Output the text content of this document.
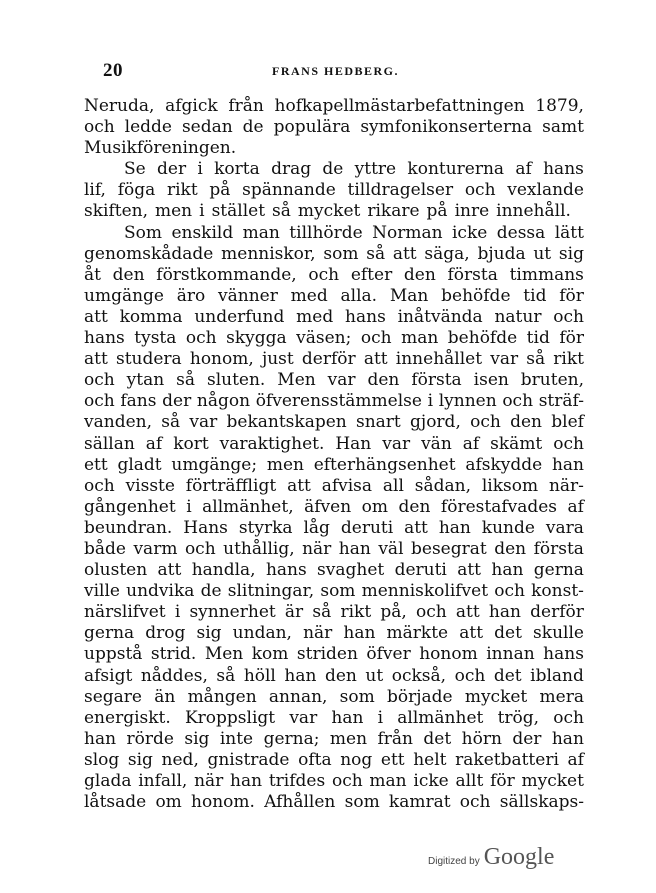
20	FRANS HEDBERG.
Neruda, afgick från hofkapellmästarbefattningen 1879,
och ledde sedan de populära symfonikonserterna samt
Musikföreningen.
Se der i korta drag de yttre konturerna af hans
lif, föga rikt på spännande tilldragelser och vexlande
skiften, men i stället så mycket rikare på inre innehåll.
Som enskild man tillhörde Norman icke dessa lätt
genomskådade menniskor, som så att säga, bjuda ut sig
åt den förstkommande, och efter den första timmans
umgänge äro vänner med alla. Man behöfde tid för
att komma underfund med hans inåtvända natur och
hans tysta och skygga väsen; och man behöfde tid för
att studera honom, just derför att innehållet var så rikt
och ytan så sluten. Men var den första isen bruten,
och fans der någon öfverensstämmelse i lynnen och sträf-
vanden, så var bekantskapen snart gjord, och den blef
sällan af kort varaktighet. Han var vän af skämt och
ett gladt umgänge; men efterhängsenhet afskydde han
och visste förträffligt att afvisa all sådan, liksom när-
gångenhet i allmänhet, äfven om den förestafvades af
beundran. Hans styrka låg deruti att han kunde vara
både varm och uthållig, när han väl besegrat den första
olusten att handla, hans svaghet deruti att han gerna
ville undvika de slitningar, som menniskolifvet och konst-
närslifvet i synnerhet är så rikt på, och att han derför
gerna drog sig undan, när han märkte att det skulle
uppstå strid. Men kom striden öfver honom innan hans
afsigt nåddes, så höll han den ut också, och det ibland
segare än mången annan, som började mycket mera
energiskt. Kroppsligt var han i allmänhet trög, och
han rörde sig inte gerna; men från det hörn der han
slog sig ned, gnistrade ofta nog ett helt raketbatteri af
glada infall, när han trifdes och man icke allt för mycket
låtsade om honom. Afhållen som kamrat och sällskaps-
Digitized by Google
